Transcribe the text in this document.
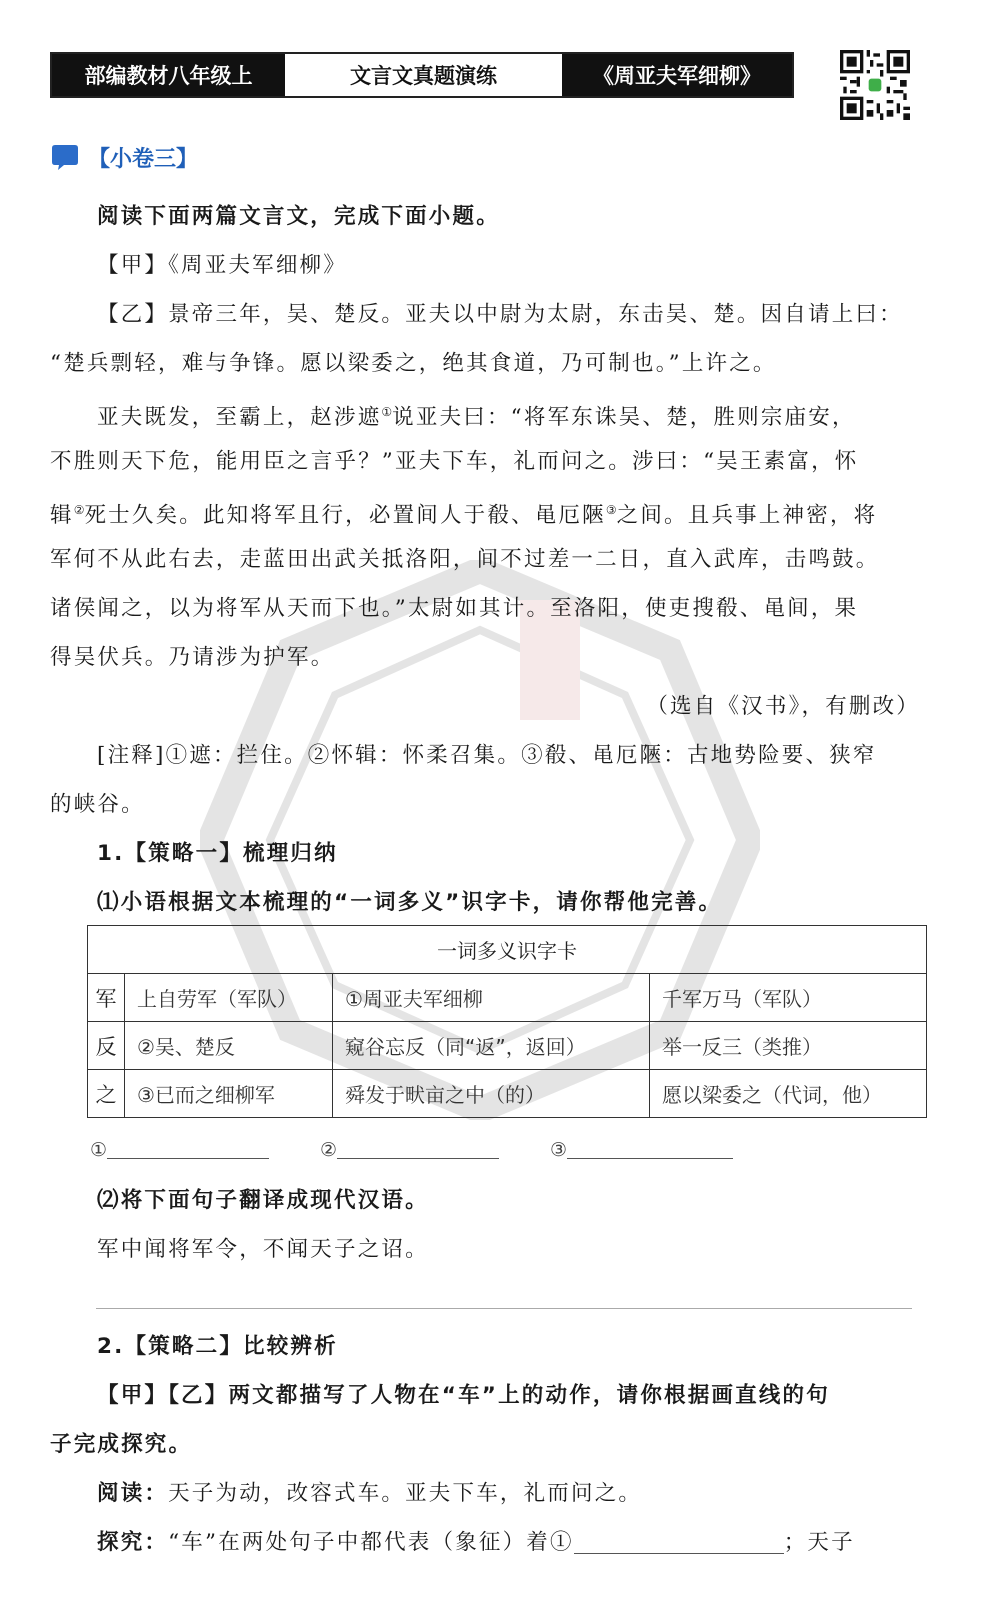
部编教材八年级上	文言文真题演练	《周亚夫军细柳》
【小卷三】
阅读下面两篇文言文，完成下面小题。
【甲】《周亚夫军细柳》
【乙】景帝三年，吴、楚反。亚夫以中尉为太尉，东击吴、楚。因自请上曰：
“楚兵剽轻，难与争锋。愿以梁委之，绝其食道，乃可制也。”上许之。
亚夫既发，至霸上，赵涉遮①说亚夫曰：“将军东诛吴、楚，胜则宗庙安，
不胜则天下危，能用臣之言乎？”亚夫下车，礼而问之。涉曰：“吴王素富，怀
辑②死士久矣。此知将军且行，必置间人于殽、黾厄陿③之间。且兵事上神密，将
军何不从此右去，走蓝田出武关抵洛阳，间不过差一二日，直入武库，击鸣鼓。
诸侯闻之，以为将军从天而下也。”太尉如其计。至洛阳，使吏搜殽、黾间，果
得吴伏兵。乃请涉为护军。
（选自《汉书》，有删改）
[注释]①遮：拦住。②怀辑：怀柔召集。③殽、黾厄陿：古地势险要、狭窄
的峡谷。
1.【策略一】梳理归纳
⑴小语根据文本梳理的“一词多义”识字卡，请你帮他完善。
一词多义识字卡			
军	上自劳军（军队）	①周亚夫军细柳	千军万马（军队）
反	②吴、楚反	窥谷忘反（同“返”，返回）	举一反三（类推）
之	③已而之细柳军	舜发于畎亩之中（的）	愿以梁委之（代词，他）
①	②	③
⑵将下面句子翻译成现代汉语。
军中闻将军令，不闻天子之诏。
2.【策略二】比较辨析
【甲】【乙】两文都描写了人物在“车”上的动作，请你根据画直线的句
子完成探究。
阅读：天子为动，改容式车。亚夫下车，礼而问之。
探究：“车”在两处句子中都代表（象征）着①	；天子
